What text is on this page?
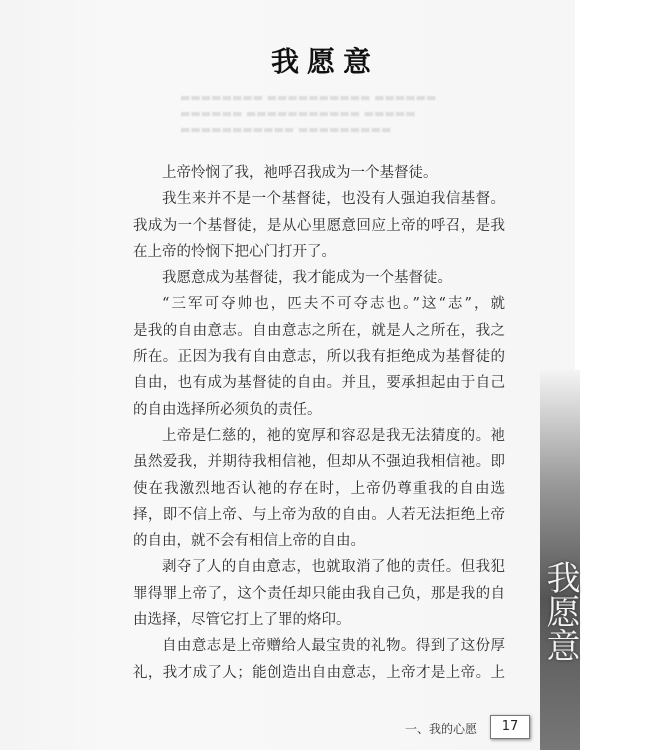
▬▬▬▬▬▬▬▬ ▬▬▬▬▬▬▬▬▬▬ ▬▬▬▬▬▬
▬▬▬▬▬▬ ▬▬▬▬▬▬▬▬▬▬▬ ▬▬▬▬▬
▬▬▬▬▬▬▬▬▬▬▬ ▬▬▬▬▬▬▬▬▬
我愿意
我愿意
上帝怜悯了我，祂呼召我成为一个基督徒。
我生来并不是一个基督徒，也没有人强迫我信基督。
我成为一个基督徒，是从心里愿意回应上帝的呼召，是我
在上帝的怜悯下把心门打开了。
我愿意成为基督徒，我才能成为一个基督徒。
“三军可夺帅也，匹夫不可夺志也。”这“志”，就
是我的自由意志。自由意志之所在，就是人之所在，我之
所在。正因为我有自由意志，所以我有拒绝成为基督徒的
自由，也有成为基督徒的自由。并且，要承担起由于自己
的自由选择所必须负的责任。
上帝是仁慈的，祂的宽厚和容忍是我无法猜度的。祂
虽然爱我，并期待我相信祂，但却从不强迫我相信祂。即
使在我激烈地否认祂的存在时，上帝仍尊重我的自由选
择，即不信上帝、与上帝为敌的自由。人若无法拒绝上帝
的自由，就不会有相信上帝的自由。
剥夺了人的自由意志，也就取消了他的责任。但我犯
罪得罪上帝了，这个责任却只能由我自己负，那是我的自
由选择，尽管它打上了罪的烙印。
自由意志是上帝赠给人最宝贵的礼物。得到了这份厚
礼，我才成了人；能创造出自由意志，上帝才是上帝。上
一、我的心愿	17
